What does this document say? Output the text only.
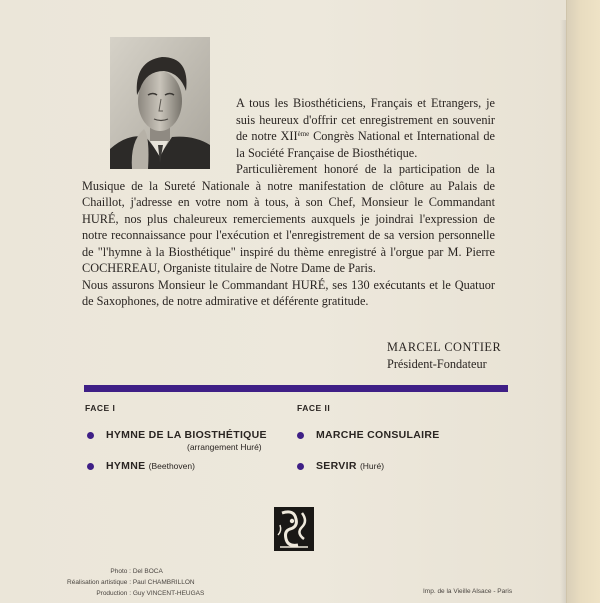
A tous les Biosthéticiens, Français et Etrangers, je suis heureux d'offrir cet enregistrement en souvenir de notre XIIème Congrès National et International de la Société Française de Biosthétique.

Particulièrement honoré de la participation de la Musique de la Sureté Nationale à notre manifestation de clôture au Palais de Chaillot, j'adresse en votre nom à tous, à son Chef, Monsieur le Commandant HURÉ, nos plus chaleureux remerciements auxquels je joindrai l'expression de notre reconnaissance pour l'exécution et l'enregistrement de sa version personnelle de "l'hymne à la Biosthétique" inspiré du thème enregistré à l'orgue par M. Pierre COCHEREAU, Organiste titulaire de Notre Dame de Paris.

Nous assurons Monsieur le Commandant HURÉ, ses 130 exécutants et le Quatuor de Saxophones, de notre admirative et déférente gratitude.

MARCEL CONTIER
Président-Fondateur
FACE I
HYMNE DE LA BIOSTHÉTIQUE
(arrangement Huré)
HYMNE (Beethoven)
FACE II
MARCHE CONSULAIRE
SERVIR (Huré)
Photo : Del BOCA
Réalisation artistique : Paul CHAMBRILLON
Production : Guy VINCENT-HEUGAS	Imp. de la Vieille Alsace - Paris
